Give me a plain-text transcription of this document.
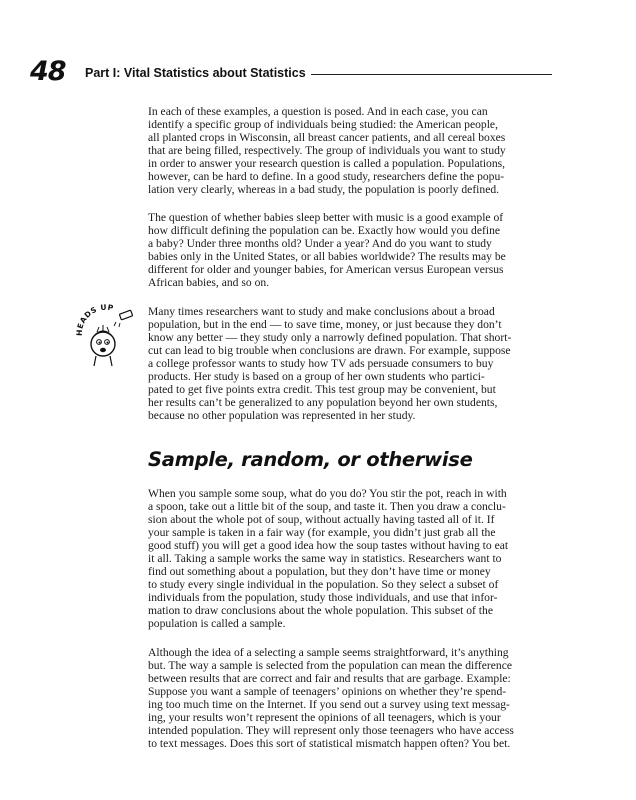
48 Part I: Vital Statistics about Statistics

In each of these examples, a question is posed. And in each case, you can

identify a specific group of individuals being studied: the American people,

all planted crops in Wisconsin, all breast cancer patients, and all cereal boxes

that are being filled, respectively. The group of individuals you want to study

in order to answer your research question is called a population. Populations,

however, can be hard to define. In a good study, researchers define the popu-

lation very clearly, whereas in a bad study, the population is poorly defined.

The question of whether babies sleep better with music is a good example of

how difficult defining the population can be. Exactly how would you define

a baby? Under three months old? Under a year? And do you want to study

babies only in the United States, or all babies worldwide? The results may be

different for older and younger babies, for American versus European versus

African babies, and so on.

HEADS UP	Many times researchers want to study and make conclusions about a broad

population, but in the end — to save time, money, or just because they don’t

know any better — they study only a narrowly defined population. That short-

cut can lead to big trouble when conclusions are drawn. For example, suppose

a college professor wants to study how TV ads persuade consumers to buy

products. Her study is based on a group of her own students who partici-

pated to get five points extra credit. This test group may be convenient, but

her results can’t be generalized to any population beyond her own students,

because no other population was represented in her study.

Sample, random, or otherwise

When you sample some soup, what do you do? You stir the pot, reach in with

a spoon, take out a little bit of the soup, and taste it. Then you draw a conclu-

sion about the whole pot of soup, without actually having tasted all of it. If

your sample is taken in a fair way (for example, you didn’t just grab all the

good stuff) you will get a good idea how the soup tastes without having to eat

it all. Taking a sample works the same way in statistics. Researchers want to

find out something about a population, but they don’t have time or money

to study every single individual in the population. So they select a subset of

individuals from the population, study those individuals, and use that infor-

mation to draw conclusions about the whole population. This subset of the

population is called a sample.

Although the idea of a selecting a sample seems straightforward, it’s anything

but. The way a sample is selected from the population can mean the difference

between results that are correct and fair and results that are garbage. Example:

Suppose you want a sample of teenagers’ opinions on whether they’re spend-

ing too much time on the Internet. If you send out a survey using text messag-

ing, your results won’t represent the opinions of all teenagers, which is your

intended population. They will represent only those teenagers who have access

to text messages. Does this sort of statistical mismatch happen often? You bet.
